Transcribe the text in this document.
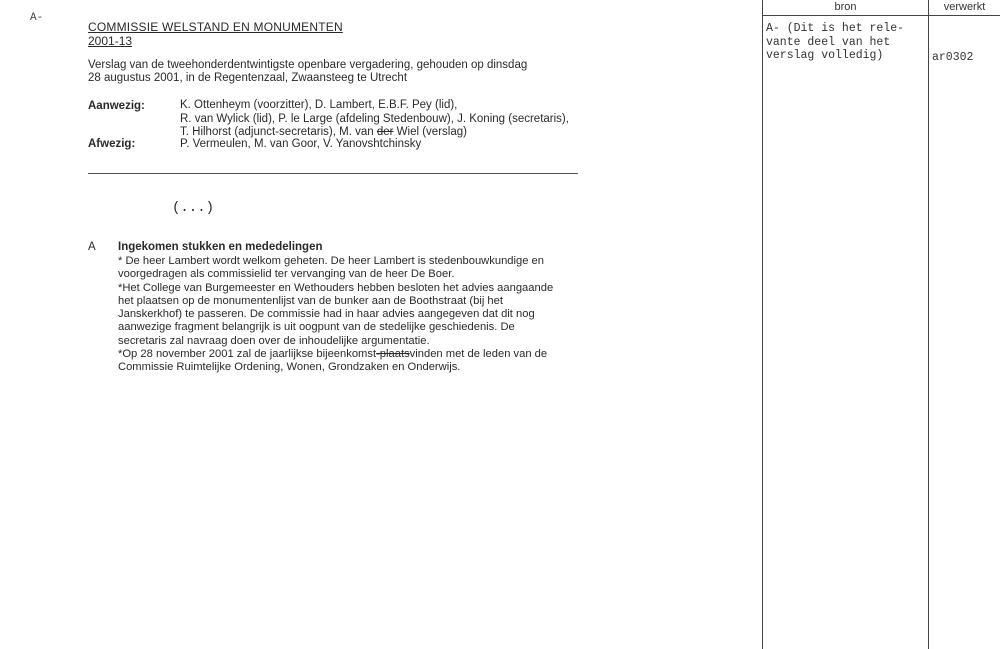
A-
COMMISSIE WELSTAND EN MONUMENTEN
2001-13
Verslag van de tweehonderdentwintigste openbare vergadering, gehouden op dinsdag
28 augustus 2001, in de Regentenzaal, Zwaansteeg te Utrecht
Aanwezig:	K. Ottenheym (voorzitter), D. Lambert, E.B.F. Pey (lid),
R. van Wylick (lid), P. le Large (afdeling Stedenbouw), J. Koning (secretaris),
T. Hilhorst (adjunct-secretaris), M. van der Wiel (verslag)
Afwezig:	P. Vermeulen, M. van Goor, V. Yanovshtchinsky
(...)
A Ingekomen stukken en mededelingen

* De heer Lambert wordt welkom geheten. De heer Lambert is stedenbouwkundige en

voorgedragen als commissielid ter vervanging van de heer De Boer.

*Het College van Burgemeester en Wethouders hebben besloten het advies aangaande

het plaatsen op de monumentenlijst van de bunker aan de Boothstraat (bij het

Janskerkhof) te passeren. De commissie had in haar advies aangegeven dat dit nog

aanwezige fragment belangrijk is uit oogpunt van de stedelijke geschiedenis. De

secretaris zal navraag doen over de inhoudelijke argumentatie.

*Op 28 november 2001 zal de jaarlijkse bijeenkomst-plaatsvinden met de leden van de

Commissie Ruimtelijke Ordening, Wonen, Grondzaken en Onderwijs.

bron	verwerkt
A- (Dit is het rele-
vante deel van het
verslag volledig)	ar0302
